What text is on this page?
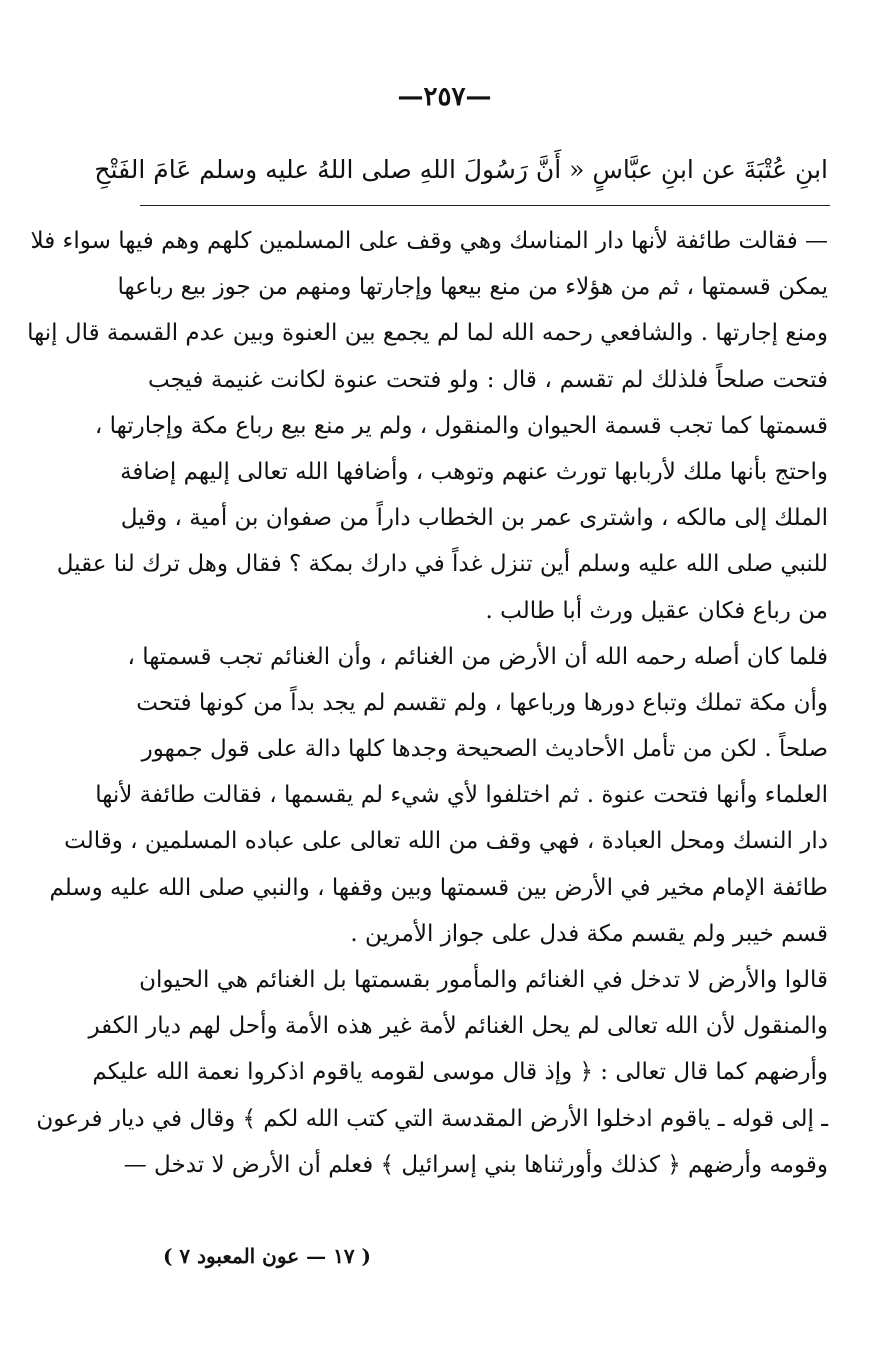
—٢٥٧—
ابنِ عُتْبَةَ عن ابنِ عبَّاسٍ « أَنَّ رَسُولَ اللهِ صلى اللهُ عليه وسلم عَامَ الفَتْحِ
— فقالت طائفة لأنها دار المناسك وهي وقف على المسلمين كلهم وهم فيها سواء فلا
يمكن قسمتها ، ثم من هؤلاء من منع بيعها وإجارتها ومنهم من جوز بيع رباعها
ومنع إجارتها . والشافعي رحمه الله لما لم يجمع بين العنوة وبين عدم القسمة قال إنها
فتحت صلحاً فلذلك لم تقسم ، قال : ولو فتحت عنوة لكانت غنيمة فيجب
قسمتها كما تجب قسمة الحيوان والمنقول ، ولم ير منع بيع رباع مكة وإجارتها ،
واحتج بأنها ملك لأربابها تورث عنهم وتوهب ، وأضافها الله تعالى إليهم إضافة
الملك إلى مالكه ، واشترى عمر بن الخطاب داراً من صفوان بن أمية ، وقيل
للنبي صلى الله عليه وسلم أين تنزل غداً في دارك بمكة ؟ فقال وهل ترك لنا عقيل
من رباع فكان عقيل ورث أبا طالب .
فلما كان أصله رحمه الله أن الأرض من الغنائم ، وأن الغنائم تجب قسمتها ،
وأن مكة تملك وتباع دورها ورباعها ، ولم تقسم لم يجد بداً من كونها فتحت
صلحاً . لكن من تأمل الأحاديث الصحيحة وجدها كلها دالة على قول جمهور
العلماء وأنها فتحت عنوة . ثم اختلفوا لأي شيء لم يقسمها ، فقالت طائفة لأنها
دار النسك ومحل العبادة ، فهي وقف من الله تعالى على عباده المسلمين ، وقالت
طائفة الإمام مخير في الأرض بين قسمتها وبين وقفها ، والنبي صلى الله عليه وسلم
قسم خيبر ولم يقسم مكة فدل على جواز الأمرين .
قالوا والأرض لا تدخل في الغنائم والمأمور بقسمتها بل الغنائم هي الحيوان
والمنقول لأن الله تعالى لم يحل الغنائم لأمة غير هذه الأمة وأحل لهم ديار الكفر
وأرضهم كما قال تعالى : ﴿ وإذ قال موسى لقومه ياقوم اذكروا نعمة الله عليكم
ـ إلى قوله ـ ياقوم ادخلوا الأرض المقدسة التي كتب الله لكم ﴾ وقال في ديار فرعون
وقومه وأرضهم ﴿ كذلك وأورثناها بني إسرائيل ﴾ فعلم أن الأرض لا تدخل —
( ١٧ — عون المعبود ٧ )
